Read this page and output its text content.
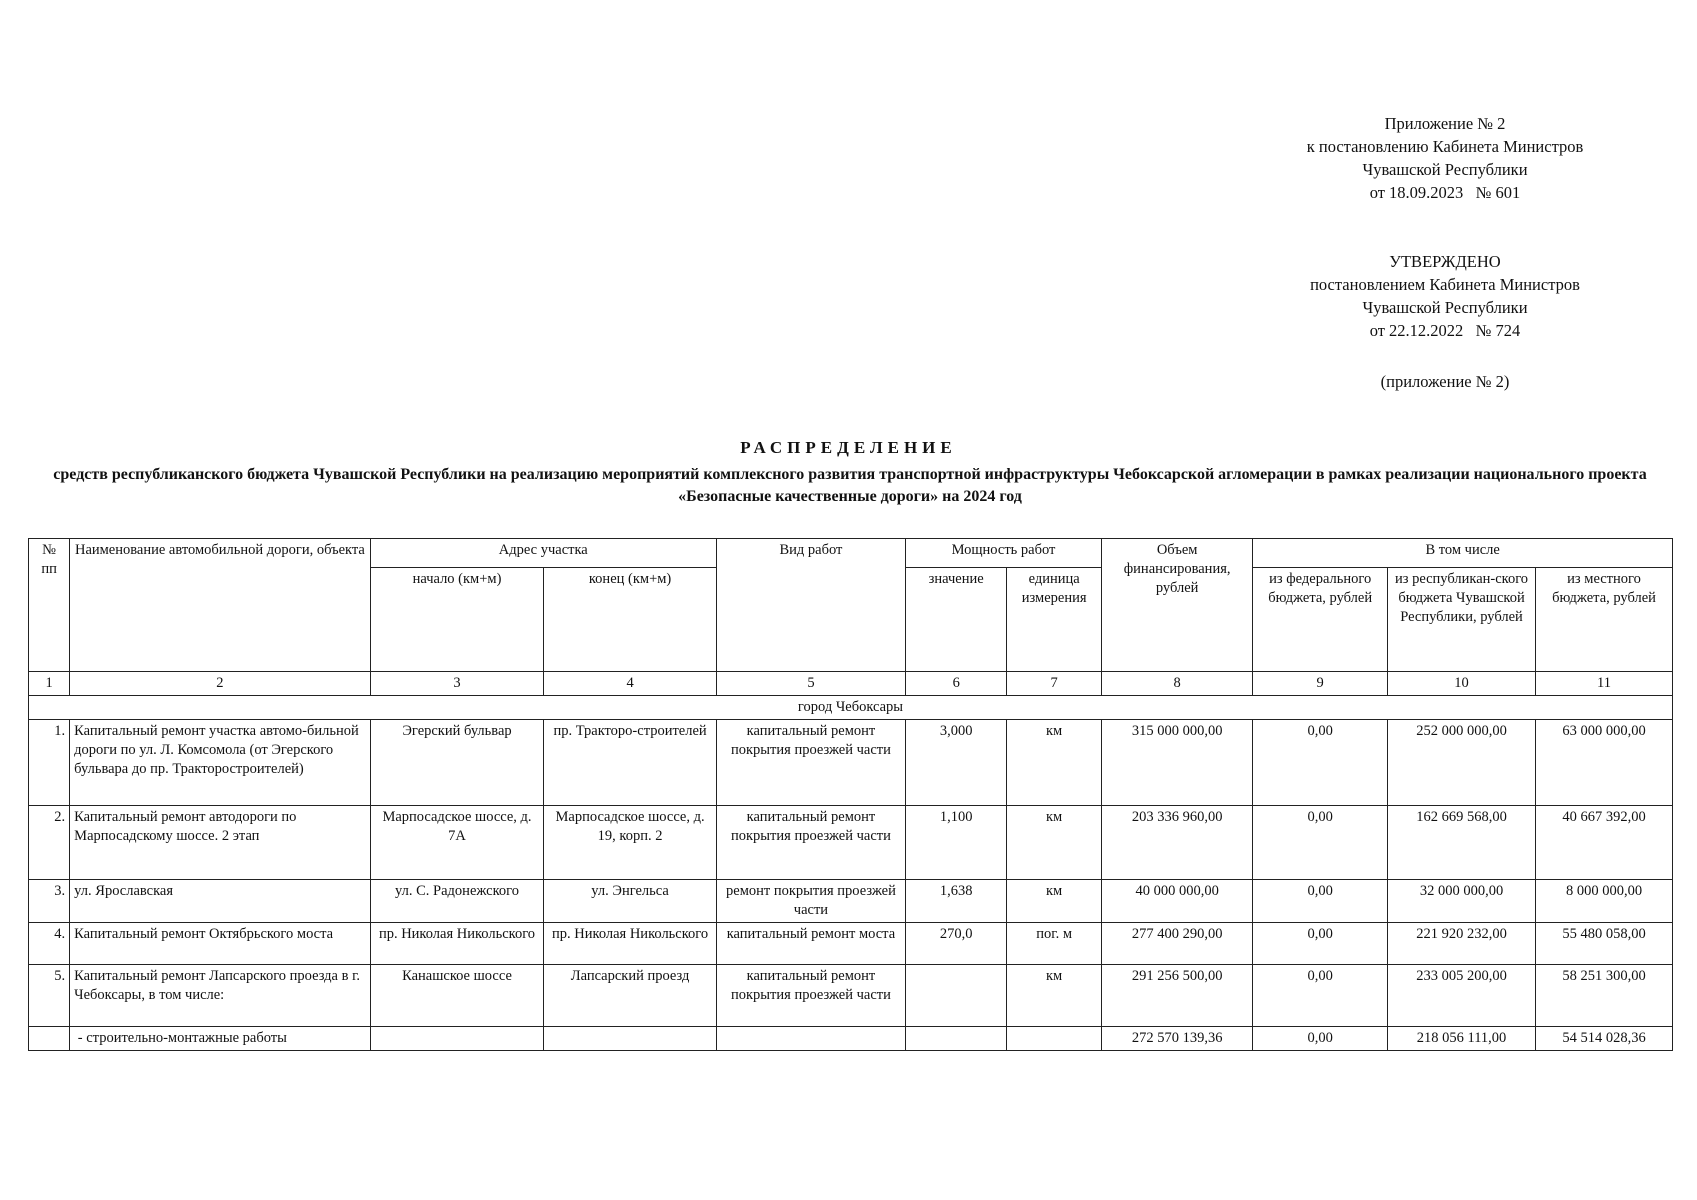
Приложение № 2
к постановлению Кабинета Министров
Чувашской Республики
от 18.09.2023   № 601
УТВЕРЖДЕНО
постановлением Кабинета Министров
Чувашской Республики
от 22.12.2022   № 724
(приложение № 2)
РАСПРЕДЕЛЕНИЕ
средств республиканского бюджета Чувашской Республики на реализацию мероприятий комплексного развития транспортной инфраструктуры Чебоксарской агломерации в рамках реализации национального проекта «Безопасные качественные дороги» на 2024 год
№ пп	Наименование автомобильной дороги, объекта	Адрес участка		Вид работ	Мощность работ		Объем финансирования, рублей	В том числе		
		начало (км+м)	конец (км+м)		значение	единица измерения		из федерального бюджета, рублей	из республикан-ского бюджета Чувашской Республики, рублей	из местного бюджета, рублей
1	2	3	4	5	6	7	8	9	10	11
город Чебоксары										
1.	Капитальный ремонт участка автомо-бильной дороги по ул. Л. Комсомола (от Эгерского бульвара до пр. Тракторостроителей)	Эгерский бульвар	пр. Тракторо-строителей	капитальный ремонт покрытия проезжей части	3,000	км	315 000 000,00	0,00	252 000 000,00	63 000 000,00
2.	Капитальный ремонт автодороги по Марпосадскому шоссе. 2 этап	Марпосадское шоссе, д. 7А	Марпосадское шоссе, д. 19, корп. 2	капитальный ремонт покрытия проезжей части	1,100	км	203 336 960,00	0,00	162 669 568,00	40 667 392,00
3.	ул. Ярославская	ул. С. Радонежского	ул. Энгельса	ремонт покрытия проезжей части	1,638	км	40 000 000,00	0,00	32 000 000,00	8 000 000,00
4.	Капитальный ремонт Октябрьского моста	пр. Николая Никольского	пр. Николая Никольского	капитальный ремонт моста	270,0	пог. м	277 400 290,00	0,00	221 920 232,00	55 480 058,00
5.	Капитальный ремонт Лапсарского проезда в г. Чебоксары, в том числе:	Канашское шоссе	Лапсарский проезд	капитальный ремонт покрытия проезжей части		км	291 256 500,00	0,00	233 005 200,00	58 251 300,00
	- строительно-монтажные работы						272 570 139,36	0,00	218 056 111,00	54 514 028,36
